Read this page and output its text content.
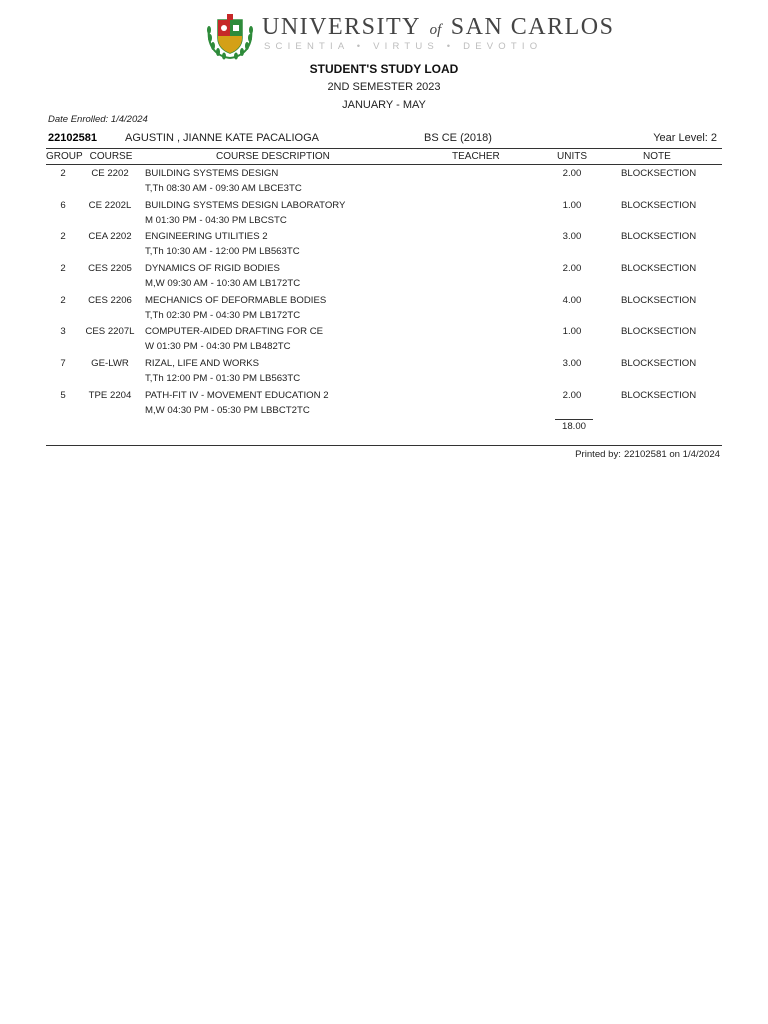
UNIVERSITY of SAN CARLOS
SCIENTIA • VIRTUS • DEVOTIO
STUDENT'S STUDY LOAD
2ND SEMESTER 2023
JANUARY - MAY
Date Enrolled: 1/4/2024
22102581	AGUSTIN , JIANNE KATE PACALIOGA	BS CE (2018)	Year Level: 2
GROUP COURSE	COURSE DESCRIPTION	TEACHER	UNITS	NOTE
2	CE 2202	BUILDING SYSTEMS DESIGN
T,Th 08:30 AM - 09:30 AM LBCE3TC
2.00	BLOCKSECTION
6	CE 2202L	BUILDING SYSTEMS DESIGN LABORATORY
M 01:30 PM - 04:30 PM LBCSTC
1.00	BLOCKSECTION
2	CEA 2202	ENGINEERING UTILITIES 2
T,Th 10:30 AM - 12:00 PM LB563TC
3.00	BLOCKSECTION
2	CES 2205	DYNAMICS OF RIGID BODIES
M,W 09:30 AM - 10:30 AM LB172TC
2.00	BLOCKSECTION
2	CES 2206	MECHANICS OF DEFORMABLE BODIES
T,Th 02:30 PM - 04:30 PM LB172TC
4.00	BLOCKSECTION
3	CES 2207L COMPUTER-AIDED DRAFTING FOR CE
W 01:30 PM - 04:30 PM LB482TC
1.00	BLOCKSECTION
7	GE-LWR	RIZAL, LIFE AND WORKS
T,Th 12:00 PM - 01:30 PM LB563TC
3.00	BLOCKSECTION
5	TPE 2204	PATH-FIT IV - MOVEMENT EDUCATION 2
M,W 04:30 PM - 05:30 PM LBBCT2TC
2.00	BLOCKSECTION
18.00
Printed by: 22102581 on 1/4/2024
